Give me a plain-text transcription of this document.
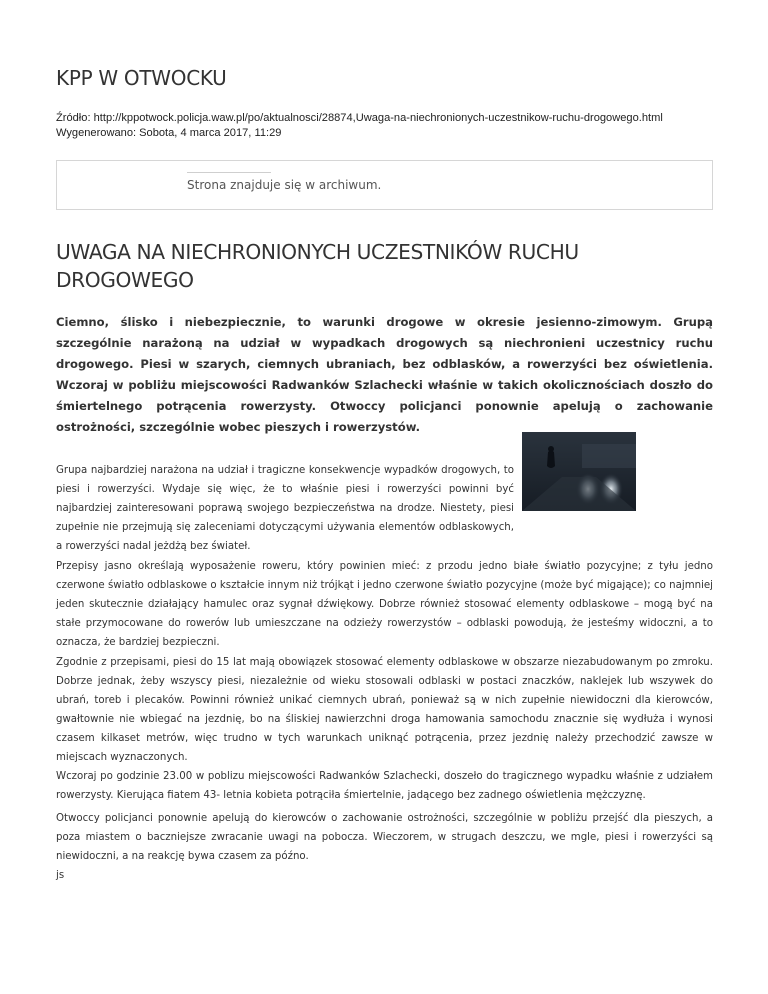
KPP W OTWOCKU
Źródło: http://kppotwock.policja.waw.pl/po/aktualnosci/28874,Uwaga-na-niechronionych-uczestnikow-ruchu-drogowego.html
Wygenerowano: Sobota, 4 marca 2017, 11:29
Strona znajduje się w archiwum.
UWAGA NA NIECHRONIONYCH UCZESTNIKÓW RUCHU DROGOWEGO

Ciemno, ślisko i niebezpiecznie, to warunki drogowe w okresie jesienno-zimowym. Grupą szczególnie narażoną na udział w wypadkach drogowych są niechronieni uczestnicy ruchu drogowego. Piesi w szarych, ciemnych ubraniach, bez odblasków, a rowerzyści bez oświetlenia. Wczoraj w pobliżu miejscowości Radwanków Szlachecki właśnie w takich okolicznościach doszło do śmiertelnego potrącenia rowerzysty. Otwoccy policjanci ponownie apelują o zachowanie ostrożności, szczególnie wobec pieszych i rowerzystów.

Grupa najbardziej narażona na udział i tragiczne konsekwencje wypadków drogowych, to piesi i rowerzyści. Wydaje się więc, że to właśnie piesi i rowerzyści powinni być najbardziej zainteresowani poprawą swojego bezpieczeństwa na drodze. Niestety, piesi zupełnie nie przejmują się zaleceniami dotyczącymi używania elementów odblaskowych, a rowerzyści nadal jeżdżą bez świateł.

Przepisy jasno określają wyposażenie roweru, który powinien mieć: z przodu jedno białe światło pozycyjne; z tyłu jedno czerwone światło odblaskowe o kształcie innym niż trójkąt i jedno czerwone światło pozycyjne (może być migające); co najmniej jeden skutecznie działający hamulec oraz sygnał dźwiękowy. Dobrze również stosować elementy odblaskowe – mogą być na stałe przymocowane do rowerów lub umieszczane na odzieży rowerzystów – odblaski powodują, że jesteśmy widoczni, a to oznacza, że bardziej bezpieczni.

Zgodnie z przepisami, piesi do 15 lat mają obowiązek stosować elementy odblaskowe w obszarze niezabudowanym po zmroku. Dobrze jednak, żeby wszyscy piesi, niezależnie od wieku stosowali odblaski w postaci znaczków, naklejek lub wszywek do ubrań, toreb i plecaków. Powinni również unikać ciemnych ubrań, ponieważ są w nich zupełnie niewidoczni dla kierowców, gwałtownie nie wbiegać na jezdnię, bo na śliskiej nawierzchni droga hamowania samochodu znacznie się wydłuża i wynosi czasem kilkaset metrów, więc trudno w tych warunkach uniknąć potrącenia, przez jezdnię należy przechodzić zawsze w miejscach wyznaczonych.

Wczoraj po godzinie 23.00 w poblizu miejscowości Radwanków Szlachecki, doszeło do tragicznego wypadku właśnie z udziałem rowerzysty. Kierująca fiatem 43- letnia kobieta potrąciła śmiertelnie, jadącego bez zadnego oświetlenia mężczyznę.

Otwoccy policjanci ponownie apelują do kierowców o zachowanie ostrożności, szczególnie w pobliżu przejść dla pieszych, a poza miastem o baczniejsze zwracanie uwagi na pobocza. Wieczorem, w strugach deszczu, we mgle, piesi i rowerzyści są niewidoczni, a na reakcję bywa czasem za późno.

js
